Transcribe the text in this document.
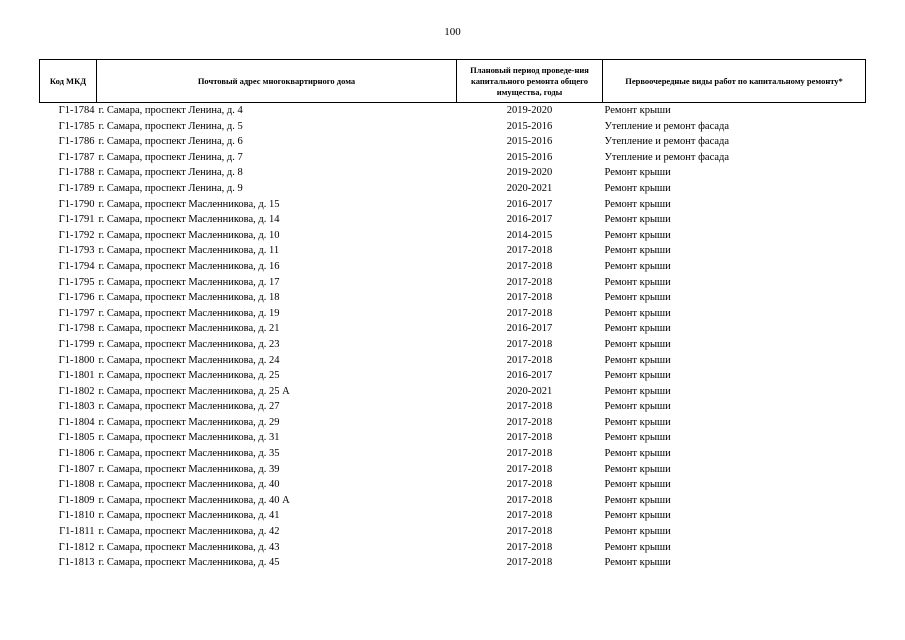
100
Код МКД	Почтовый адрес многоквартирного дома	Плановый период проведе-ния капитального ремонта общего имущества, годы	Первоочередные виды работ по капитальному ремонту*
Г1-1784	г. Самара, проспект Ленина, д. 4	2019-2020	Ремонт крыши
Г1-1785	г. Самара, проспект Ленина, д. 5	2015-2016	Утепление и ремонт фасада
Г1-1786	г. Самара, проспект Ленина, д. 6	2015-2016	Утепление и ремонт фасада
Г1-1787	г. Самара, проспект Ленина, д. 7	2015-2016	Утепление и ремонт фасада
Г1-1788	г. Самара, проспект Ленина, д. 8	2019-2020	Ремонт крыши
Г1-1789	г. Самара, проспект Ленина, д. 9	2020-2021	Ремонт крыши
Г1-1790	г. Самара, проспект Масленникова, д. 15	2016-2017	Ремонт крыши
Г1-1791	г. Самара, проспект Масленникова, д. 14	2016-2017	Ремонт крыши
Г1-1792	г. Самара, проспект Масленникова, д. 10	2014-2015	Ремонт крыши
Г1-1793	г. Самара, проспект Масленникова, д. 11	2017-2018	Ремонт крыши
Г1-1794	г. Самара, проспект Масленникова, д. 16	2017-2018	Ремонт крыши
Г1-1795	г. Самара, проспект Масленникова, д. 17	2017-2018	Ремонт крыши
Г1-1796	г. Самара, проспект Масленникова, д. 18	2017-2018	Ремонт крыши
Г1-1797	г. Самара, проспект Масленникова, д. 19	2017-2018	Ремонт крыши
Г1-1798	г. Самара, проспект Масленникова, д. 21	2016-2017	Ремонт крыши
Г1-1799	г. Самара, проспект Масленникова, д. 23	2017-2018	Ремонт крыши
Г1-1800	г. Самара, проспект Масленникова, д. 24	2017-2018	Ремонт крыши
Г1-1801	г. Самара, проспект Масленникова, д. 25	2016-2017	Ремонт крыши
Г1-1802	г. Самара, проспект Масленникова, д. 25 А	2020-2021	Ремонт крыши
Г1-1803	г. Самара, проспект Масленникова, д. 27	2017-2018	Ремонт крыши
Г1-1804	г. Самара, проспект Масленникова, д. 29	2017-2018	Ремонт крыши
Г1-1805	г. Самара, проспект Масленникова, д. 31	2017-2018	Ремонт крыши
Г1-1806	г. Самара, проспект Масленникова, д. 35	2017-2018	Ремонт крыши
Г1-1807	г. Самара, проспект Масленникова, д. 39	2017-2018	Ремонт крыши
Г1-1808	г. Самара, проспект Масленникова, д. 40	2017-2018	Ремонт крыши
Г1-1809	г. Самара, проспект Масленникова, д. 40 А	2017-2018	Ремонт крыши
Г1-1810	г. Самара, проспект Масленникова, д. 41	2017-2018	Ремонт крыши
Г1-1811	г. Самара, проспект Масленникова, д. 42	2017-2018	Ремонт крыши
Г1-1812	г. Самара, проспект Масленникова, д. 43	2017-2018	Ремонт крыши
Г1-1813	г. Самара, проспект Масленникова, д. 45	2017-2018	Ремонт крыши
